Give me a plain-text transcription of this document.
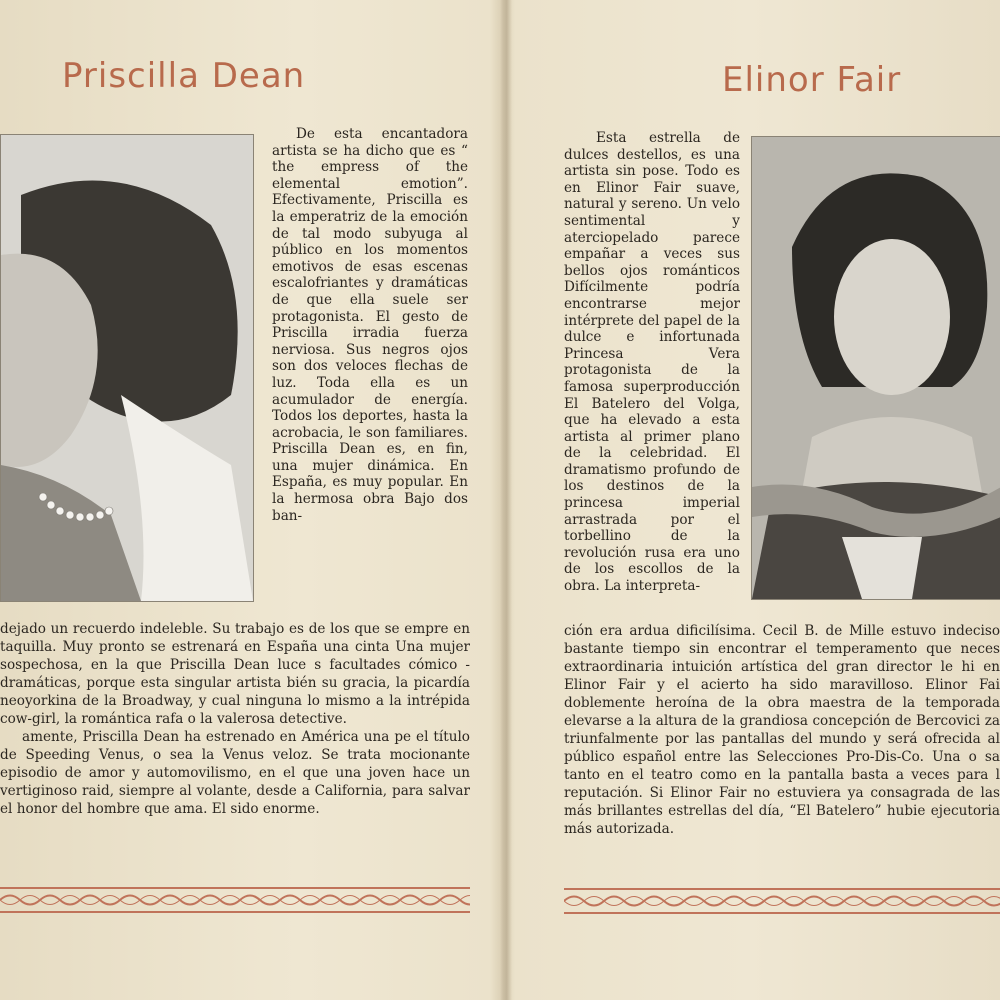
Priscilla Dean

De esta encantadora artista se ha dicho que es “ the empress of the elemental emotion”. Efectivamente, Priscilla es la emperatriz de la emoción de tal modo subyuga al público en los momentos emotivos de esas escenas escalofriantes y dramáticas de que ella suele ser protagonista. El gesto de Priscilla irradia fuerza nerviosa. Sus negros ojos son dos veloces flechas de luz. Toda ella es un acumulador de energía. Todos los deportes, hasta la acrobacia, le son familiares. Priscilla Dean es, en fin, una mujer dinámica. En España, es muy popular. En la hermosa obra Bajo dos ban-

dejado un recuerdo indeleble. Su trabajo es de los que se empre en taquilla. Muy pronto se estrenará en España una cinta Una mujer sospechosa, en la que Priscilla Dean luce s facultades cómico - dramáticas, porque esta singular artista bién su gracia, la picardía neoyorkina de la Broadway, y cual ninguna lo mismo a la intrépida cow-girl, la romántica rafa o la valerosa detective.

amente, Priscilla Dean ha estrenado en América una pe el título de Speeding Venus, o sea la Venus veloz. Se trata mocionante episodio de amor y automovilismo, en el que una joven hace un vertiginoso raid, siempre al volante, desde a California, para salvar el honor del hombre que ama. El sido enorme.

Elinor Fair

Esta estrella de dulces destellos, es una artista sin pose. Todo es en Elinor Fair suave, natural y sereno. Un velo sentimental y aterciopelado parece empañar a veces sus bellos ojos románticos Difícilmente podría encontrarse mejor intérprete del papel de la dulce e infortunada Princesa Vera protagonista de la famosa superproducción El Batelero del Volga, que ha elevado a esta artista al primer plano de la celebridad. El dramatismo profundo de los destinos de la princesa imperial arrastrada por el torbellino de la revolución rusa era uno de los escollos de la obra. La interpreta-

ción era ardua dificilísima. Cecil B. de Mille estuvo indeciso bastante tiempo sin encontrar el temperamento que neces extraordinaria intuición artística del gran director le hi en Elinor Fair y el acierto ha sido maravilloso. Elinor Fai doblemente heroína de la obra maestra de la temporada elevarse a la altura de la grandiosa concepción de Bercovici za triunfalmente por las pantallas del mundo y será ofrecida al público español entre las Selecciones Pro-Dis-Co. Una o sa tanto en el teatro como en la pantalla basta a veces para l reputación. Si Elinor Fair no estuviera ya consagrada de las más brillantes estrellas del día, “El Batelero” hubie ejecutoria más autorizada.
